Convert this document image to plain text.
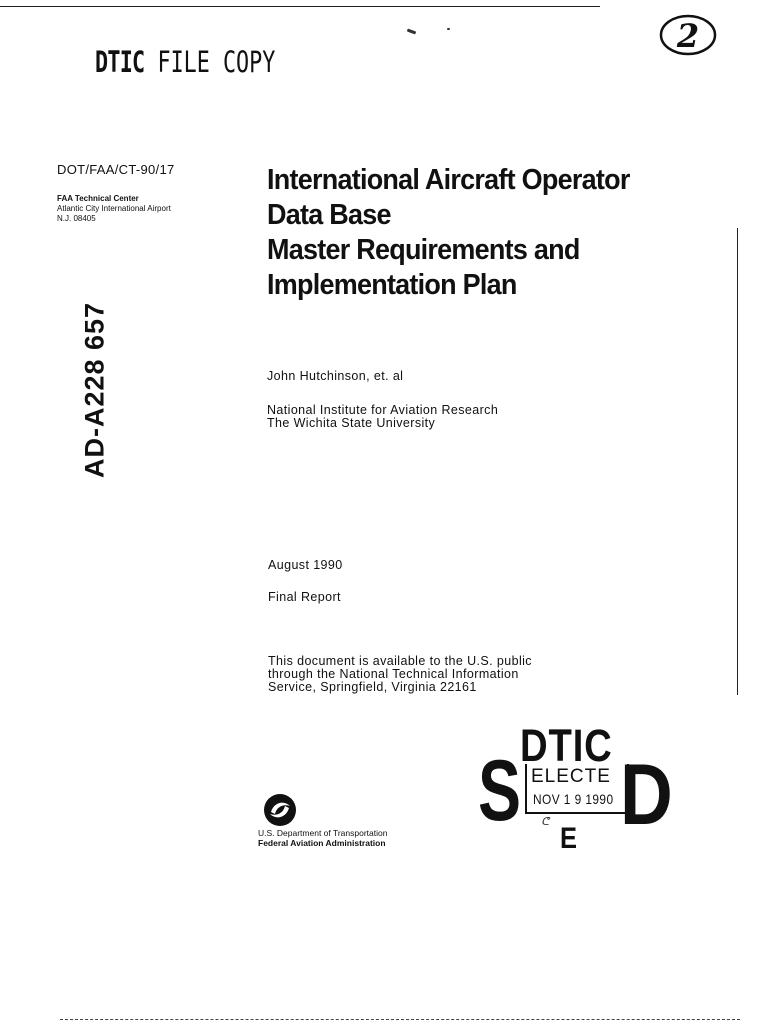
DTIC FILE COPY
2
DOT/FAA/CT-90/17
FAA Technical Center
Atlantic City International Airport
N.J. 08405
AD-A228 657
International Aircraft Operator
Data Base
Master Requirements and
Implementation Plan
John Hutchinson, et. al
National Institute for Aviation Research
The Wichita State University
August 1990
Final Report
This document is available to the U.S. public
through the National Technical Information
Service, Springfield, Virginia 22161
U.S. Department of Transportation
Federal Aviation Administration
DTIC
ELECTE
NOV 1 9 1990
ᕦ
S D
E
